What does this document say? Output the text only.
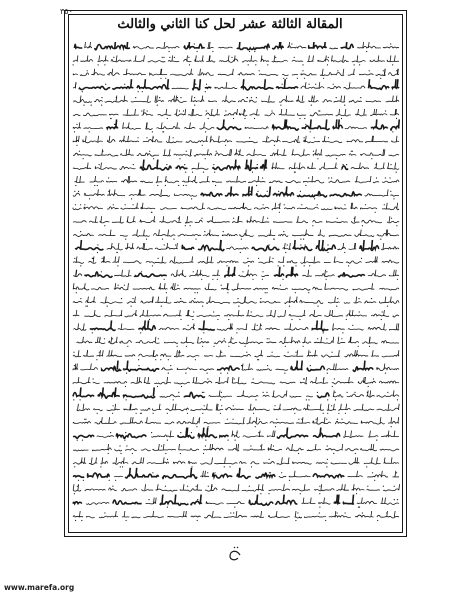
٣٥٠
المقالة الثالثة عشر لحل كنا الثاني والثالث
www.marefa.org
